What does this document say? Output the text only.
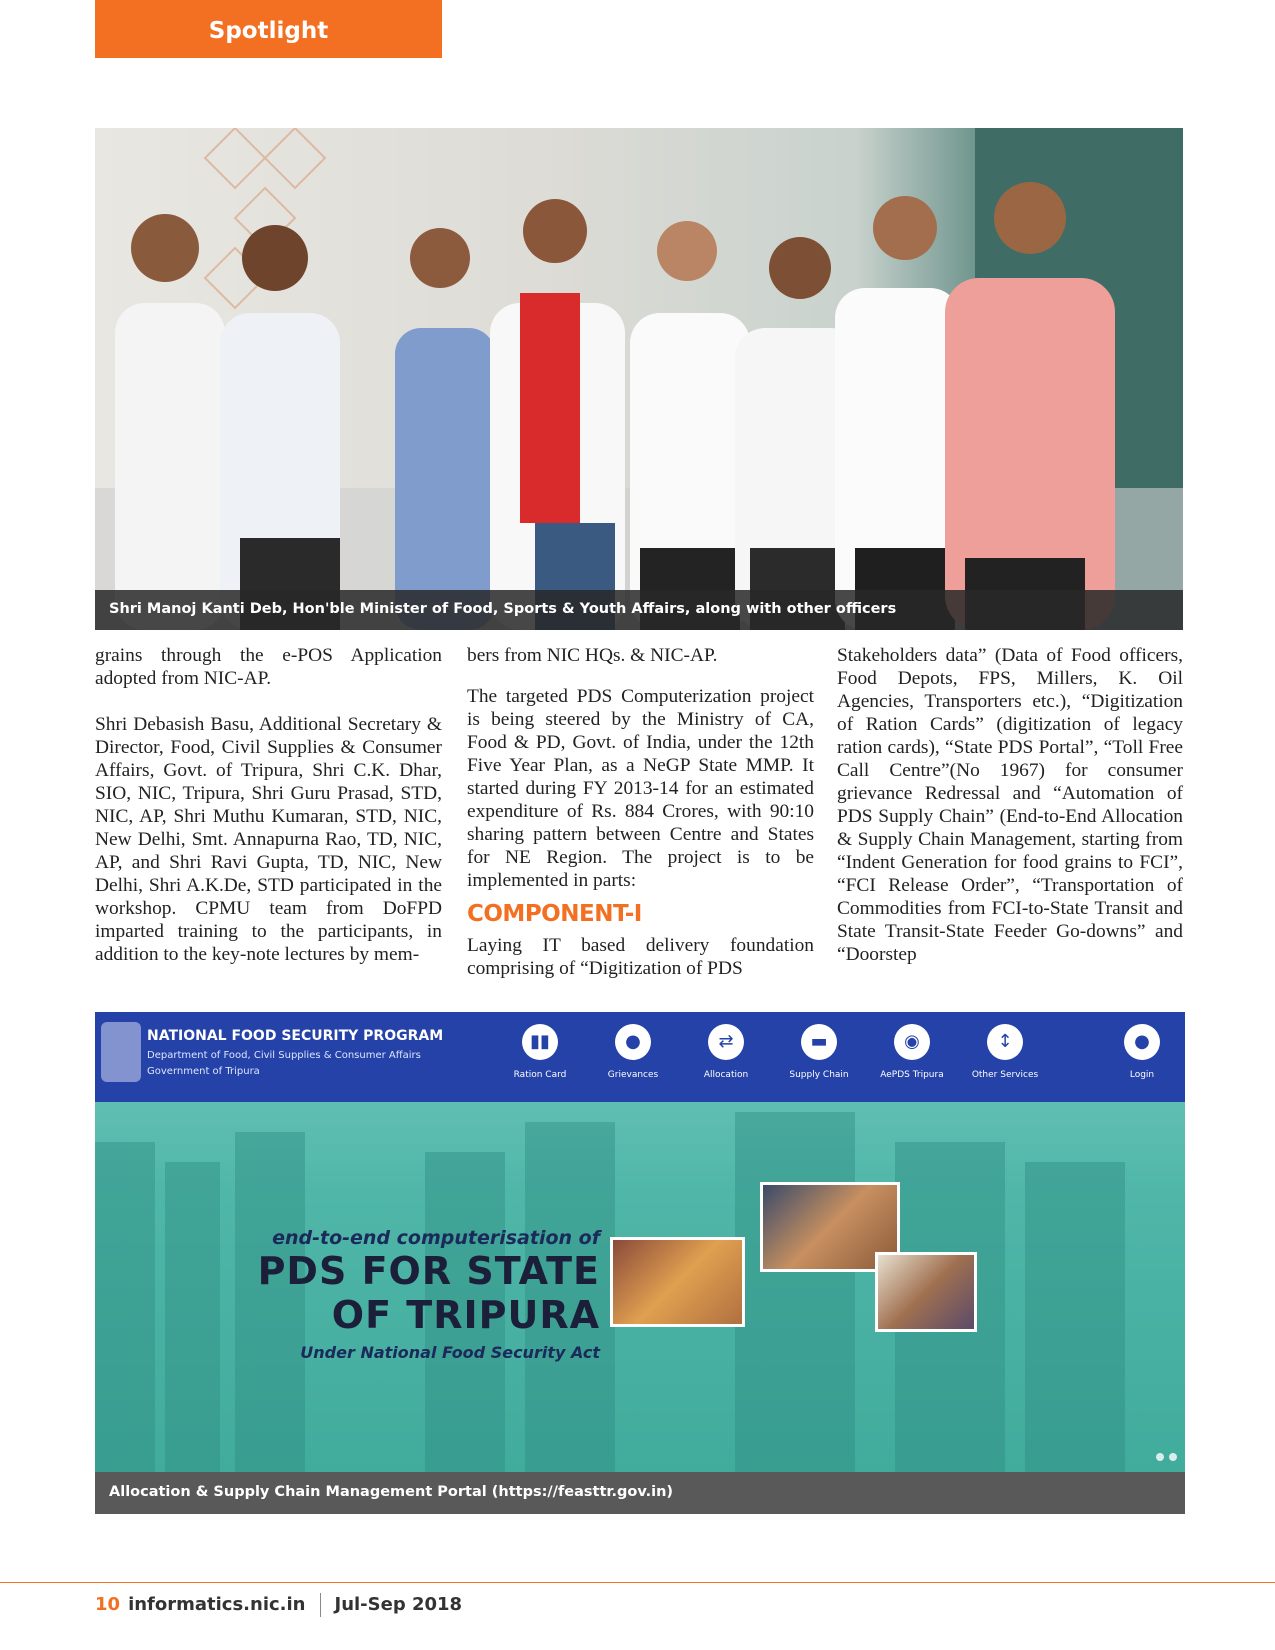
Spotlight
Shri Manoj Kanti Deb, Hon'ble Minister of Food, Sports & Youth Affairs, along with other officers

grains through the e-POS Application adopted from NIC-AP.

Shri Debasish Basu, Additional Secretary & Director, Food, Civil Supplies & Consumer Affairs, Govt. of Tripura, Shri C.K. Dhar, SIO, NIC, Tripura, Shri Guru Prasad, STD, NIC, AP, Shri Muthu Kumaran, STD, NIC, New Delhi, Smt. Annapurna Rao, TD, NIC, AP, and Shri Ravi Gupta, TD, NIC, New Delhi, Shri A.K.De, STD participated in the workshop. CPMU team from DoFPD imparted training to the participants, in addition to the key-note lectures by mem-

bers from NIC HQs. & NIC-AP.

The targeted PDS Computerization project is being steered by the Ministry of CA, Food & PD, Govt. of India, under the 12th Five Year Plan, as a NeGP State MMP. It started during FY 2013-14 for an estimated expenditure of Rs. 884 Crores, with 90:10 sharing pattern between Centre and States for NE Region. The project is to be implemented in parts:

COMPONENT-I

Laying IT based delivery foundation comprising of “Digitization of PDS

Stakeholders data” (Data of Food officers, Food Depots, FPS, Millers, K. Oil Agencies, Transporters etc.), “Digitization of Ration Cards” (digitization of legacy ration cards), “State PDS Portal”, “Toll Free Call Centre”(No 1967) for consumer grievance Redressal and “Automation of PDS Supply Chain” (End-to-End Allocation & Supply Chain Management, starting from “Indent Generation for food grains to FCI”, “FCI Release Order”, “Transportation of Commodities from FCI-to-State Transit and State Transit-State Feeder Go-downs” and “Doorstep

NATIONAL FOOD SECURITY PROGRAM
Department of Food, Civil Supplies & Consumer Affairs
Government of Tripura
▮▮
Ration Card
●
Grievances
⇄
Allocation
▬
Supply Chain
◉
AePDS Tripura
↕
Other Services
●
Login
end-to-end computerisation of
PDS FOR STATE
OF TRIPURA
Under National Food Security Act
Allocation & Supply Chain Management Portal (https://feasttr.gov.in)
10 informatics.nic.in Jul-Sep 2018
